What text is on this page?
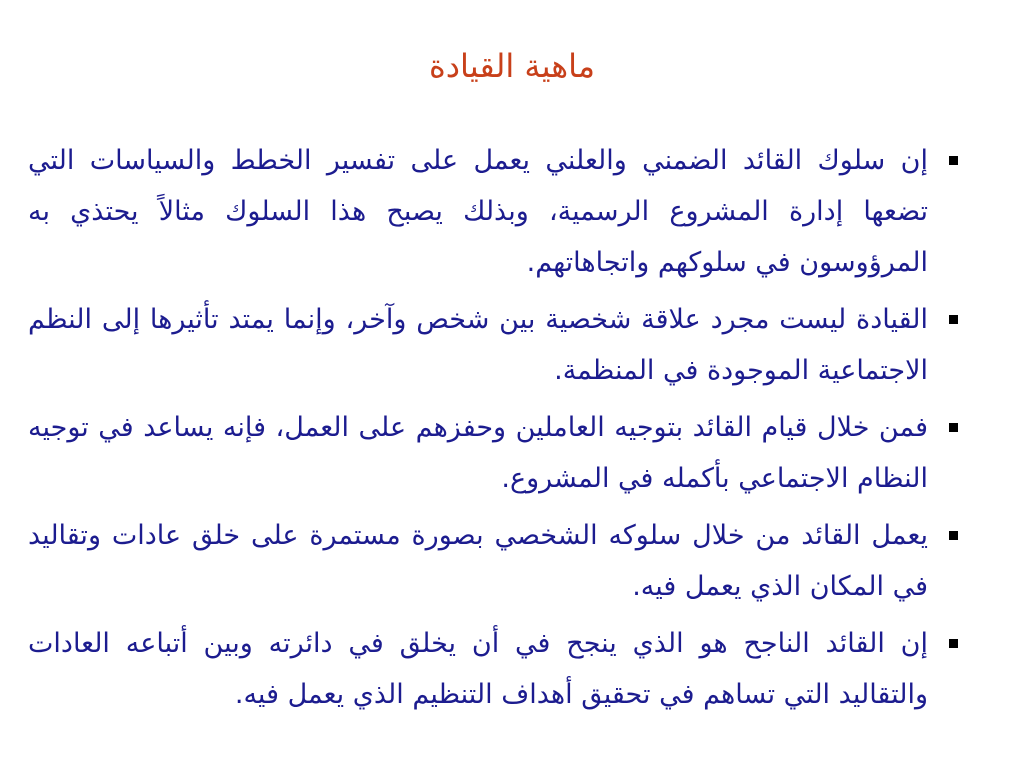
ماهية القيادة
إن سلوك القائد الضمني والعلني يعمل على تفسير الخطط والسياسات التي تضعها إدارة المشروع الرسمية، وبذلك يصبح هذا السلوك مثالاً يحتذي به المرؤوسون في سلوكهم واتجاهاتهم.
القيادة ليست مجرد علاقة شخصية بين شخص وآخر، وإنما يمتد تأثيرها إلى النظم الاجتماعية الموجودة في المنظمة.
فمن خلال قيام القائد بتوجيه العاملين وحفزهم على العمل، فإنه يساعد في توجيه النظام الاجتماعي بأكمله في المشروع.
يعمل القائد من خلال سلوكه الشخصي بصورة مستمرة على خلق عادات وتقاليد في المكان الذي يعمل فيه.
إن القائد الناجح هو الذي ينجح في أن يخلق في دائرته وبين أتباعه العادات والتقاليد التي تساهم في تحقيق أهداف التنظيم الذي يعمل فيه.
